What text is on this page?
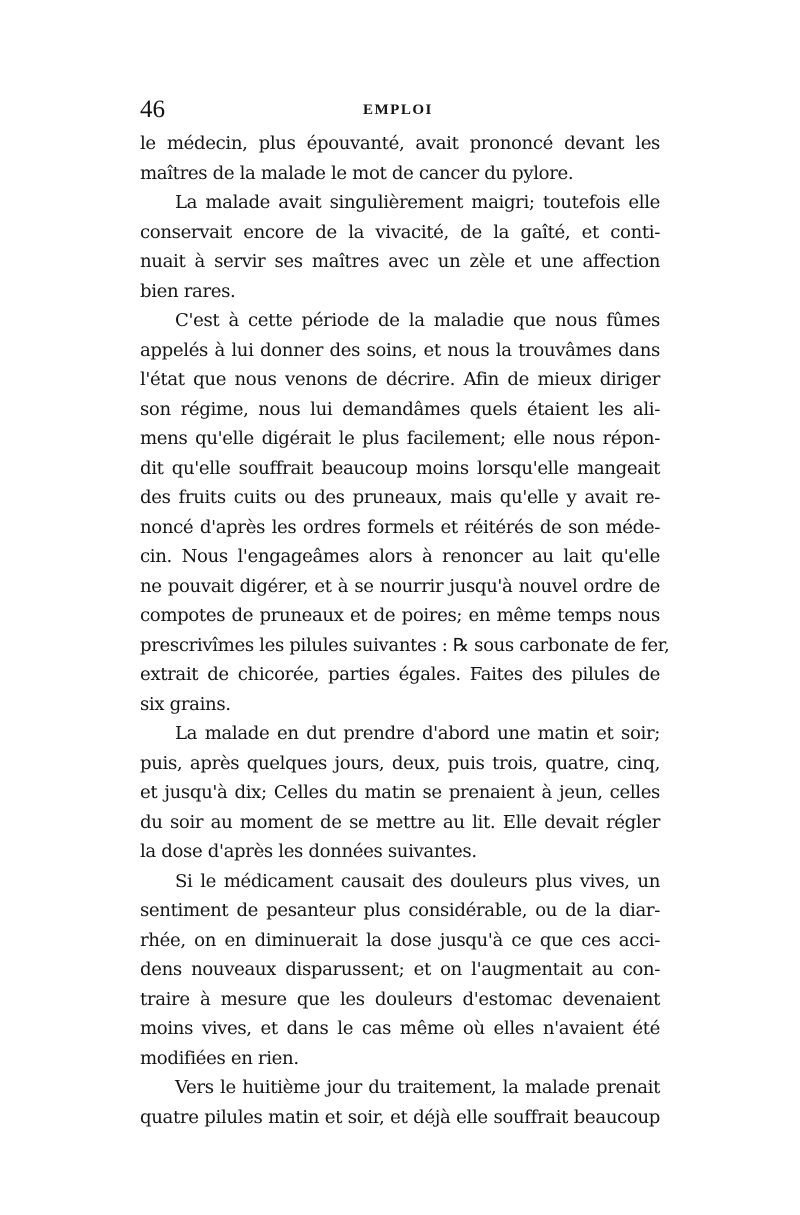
46	EMPLOI
le médecin, plus épouvanté, avait prononcé devant les
maîtres de la malade le mot de cancer du pylore.
La malade avait singulièrement maigri; toutefois elle
conservait encore de la vivacité, de la gaîté, et conti-
nuait à servir ses maîtres avec un zèle et une affection
bien rares.
C'est à cette période de la maladie que nous fûmes
appelés à lui donner des soins, et nous la trouvâmes dans
l'état que nous venons de décrire. Afin de mieux diriger
son régime, nous lui demandâmes quels étaient les ali-
mens qu'elle digérait le plus facilement; elle nous répon-
dit qu'elle souffrait beaucoup moins lorsqu'elle mangeait
des fruits cuits ou des pruneaux, mais qu'elle y avait re-
noncé d'après les ordres formels et réitérés de son méde-
cin. Nous l'engageâmes alors à renoncer au lait qu'elle
ne pouvait digérer, et à se nourrir jusqu'à nouvel ordre de
compotes de pruneaux et de poires; en même temps nous
prescrivîmes les pilules suivantes : ℞ sous carbonate de fer,
extrait de chicorée, parties égales. Faites des pilules de
six grains.
La malade en dut prendre d'abord une matin et soir;
puis, après quelques jours, deux, puis trois, quatre, cinq,
et jusqu'à dix; Celles du matin se prenaient à jeun, celles
du soir au moment de se mettre au lit. Elle devait régler
la dose d'après les données suivantes.
Si le médicament causait des douleurs plus vives, un
sentiment de pesanteur plus considérable, ou de la diar-
rhée, on en diminuerait la dose jusqu'à ce que ces acci-
dens nouveaux disparussent; et on l'augmentait au con-
traire à mesure que les douleurs d'estomac devenaient
moins vives, et dans le cas même où elles n'avaient été
modifiées en rien.
Vers le huitième jour du traitement, la malade prenait
quatre pilules matin et soir, et déjà elle souffrait beaucoup
